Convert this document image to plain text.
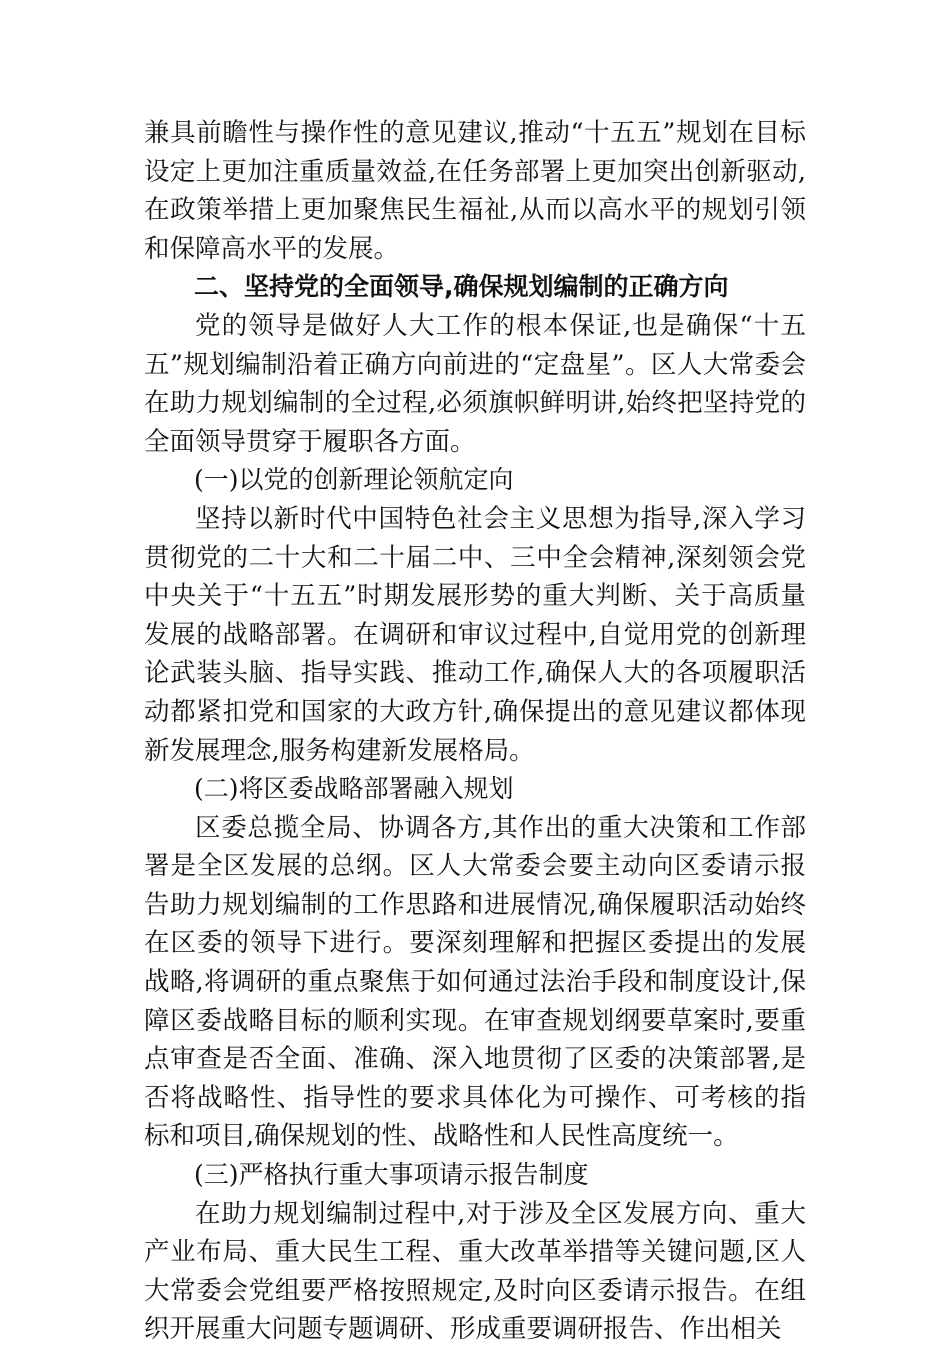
兼具前瞻性与操作性的意见建议,推动“十五五”规划在目标设定上更加注重质量效益,在任务部署上更加突出创新驱动,在政策举措上更加聚焦民生福祉,从而以高水平的规划引领和保障高水平的发展。

二、坚持党的全面领导,确保规划编制的正确方向

党的领导是做好人大工作的根本保证,也是确保“十五五”规划编制沿着正确方向前进的“定盘星”。区人大常委会在助力规划编制的全过程,必须旗帜鲜明讲,始终把坚持党的全面领导贯穿于履职各方面。

(一)以党的创新理论领航定向

坚持以新时代中国特色社会主义思想为指导,深入学习贯彻党的二十大和二十届二中、三中全会精神,深刻领会党中央关于“十五五”时期发展形势的重大判断、关于高质量发展的战略部署。在调研和审议过程中,自觉用党的创新理论武装头脑、指导实践、推动工作,确保人大的各项履职活动都紧扣党和国家的大政方针,确保提出的意见建议都体现新发展理念,服务构建新发展格局。

(二)将区委战略部署融入规划

区委总揽全局、协调各方,其作出的重大决策和工作部署是全区发展的总纲。区人大常委会要主动向区委请示报告助力规划编制的工作思路和进展情况,确保履职活动始终在区委的领导下进行。要深刻理解和把握区委提出的发展战略,将调研的重点聚焦于如何通过法治手段和制度设计,保障区委战略目标的顺利实现。在审查规划纲要草案时,要重点审查是否全面、准确、深入地贯彻了区委的决策部署,是否将战略性、指导性的要求具体化为可操作、可考核的指标和项目,确保规划的性、战略性和人民性高度统一。

(三)严格执行重大事项请示报告制度

在助力规划编制过程中,对于涉及全区发展方向、重大产业布局、重大民生工程、重大改革举措等关键问题,区人大常委会党组要严格按照规定,及时向区委请示报告。在组织开展重大问题专题调研、形成重要调研报告、作出相关
